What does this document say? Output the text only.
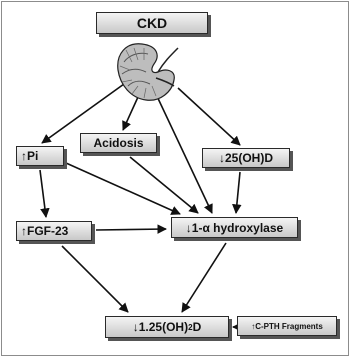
CKD
↑Pi
Acidosis
↓25(OH)D
↑FGF-23	↓1-α hydroxylase
↓1.25(OH) 2 D	↑C-PTH Fragments
